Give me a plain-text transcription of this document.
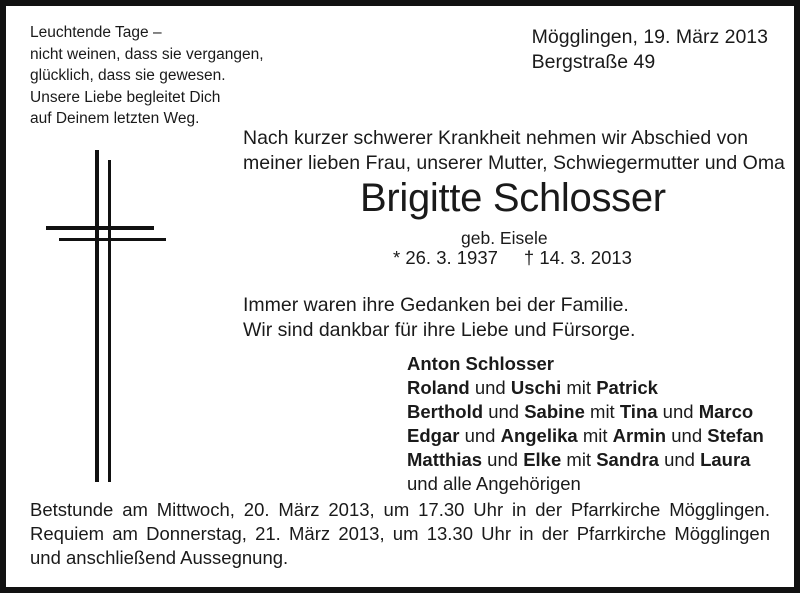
Leuchtende Tage –
nicht weinen, dass sie vergangen,
glücklich, dass sie gewesen.
Unsere Liebe begleitet Dich
auf Deinem letzten Weg.
Mögglingen, 19. März 2013
Bergstraße 49
Nach kurzer schwerer Krankheit nehmen wir Abschied von
meiner lieben Frau, unserer Mutter, Schwiegermutter und Oma
Brigitte Schlosser
geb. Eisele
* 26. 3. 1937 † 14. 3. 2013
Immer waren ihre Gedanken bei der Familie.
Wir sind dankbar für ihre Liebe und Fürsorge.
Anton Schlosser
Roland und Uschi mit Patrick
Berthold und Sabine mit Tina und Marco
Edgar und Angelika mit Armin und Stefan
Matthias und Elke mit Sandra und Laura
und alle Angehörigen
Betstunde am Mittwoch, 20. März 2013, um 17.30 Uhr in der Pfarrkirche Mögglingen.
Requiem am Donnerstag, 21. März 2013, um 13.30 Uhr in der Pfarrkirche Mögglingen
und anschließend Aussegnung.
